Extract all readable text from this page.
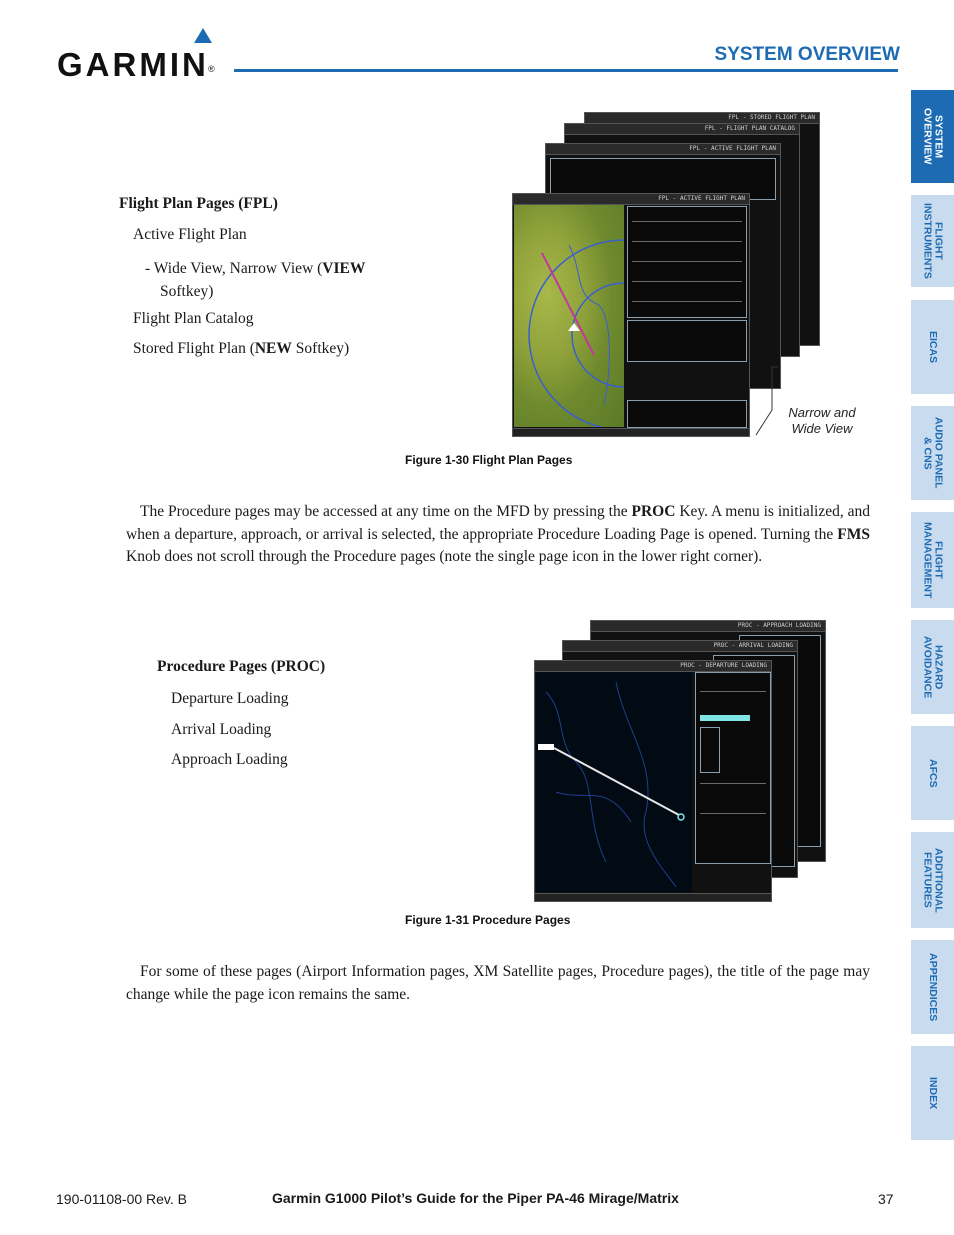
GARMIN ®
SYSTEM OVERVIEW
SYSTEM
OVERVIEW
FLIGHT
INSTRUMENTS
EICAS
AUDIO PANEL
& CNS
FLIGHT
MANAGEMENT
HAZARD
AVOIDANCE
AFCS
ADDITIONAL
FEATURES
APPENDICES
INDEX
Flight Plan Pages (FPL)
Active Flight Plan
- Wide View, Narrow View (VIEW
Softkey)
Flight Plan Catalog
Stored Flight Plan (NEW Softkey)
FPL - STORED FLIGHT PLAN
FPL - FLIGHT PLAN CATALOG
FPL - ACTIVE FLIGHT PLAN
FPL - ACTIVE FLIGHT PLAN
Narrow and
Wide View
Figure 1-30 Flight Plan Pages
The Procedure pages may be accessed at any time on the MFD by pressing the PROC Key. A menu is initialized, and when a departure, approach, or arrival is selected, the appropriate Procedure Loading Page is opened. Turning the FMS Knob does not scroll through the Procedure pages (note the single page icon in the lower right corner).
Procedure Pages (PROC)
Departure Loading
Arrival Loading
Approach Loading
PROC - APPROACH LOADING
PROC - ARRIVAL LOADING
PROC - DEPARTURE LOADING
Figure 1-31 Procedure Pages
For some of these pages (Airport Information pages, XM Satellite pages, Procedure pages), the title of the page may change while the page icon remains the same.
190-01108-00 Rev. B	Garmin G1000 Pilot’s Guide for the Piper PA-46 Mirage/Matrix	37
